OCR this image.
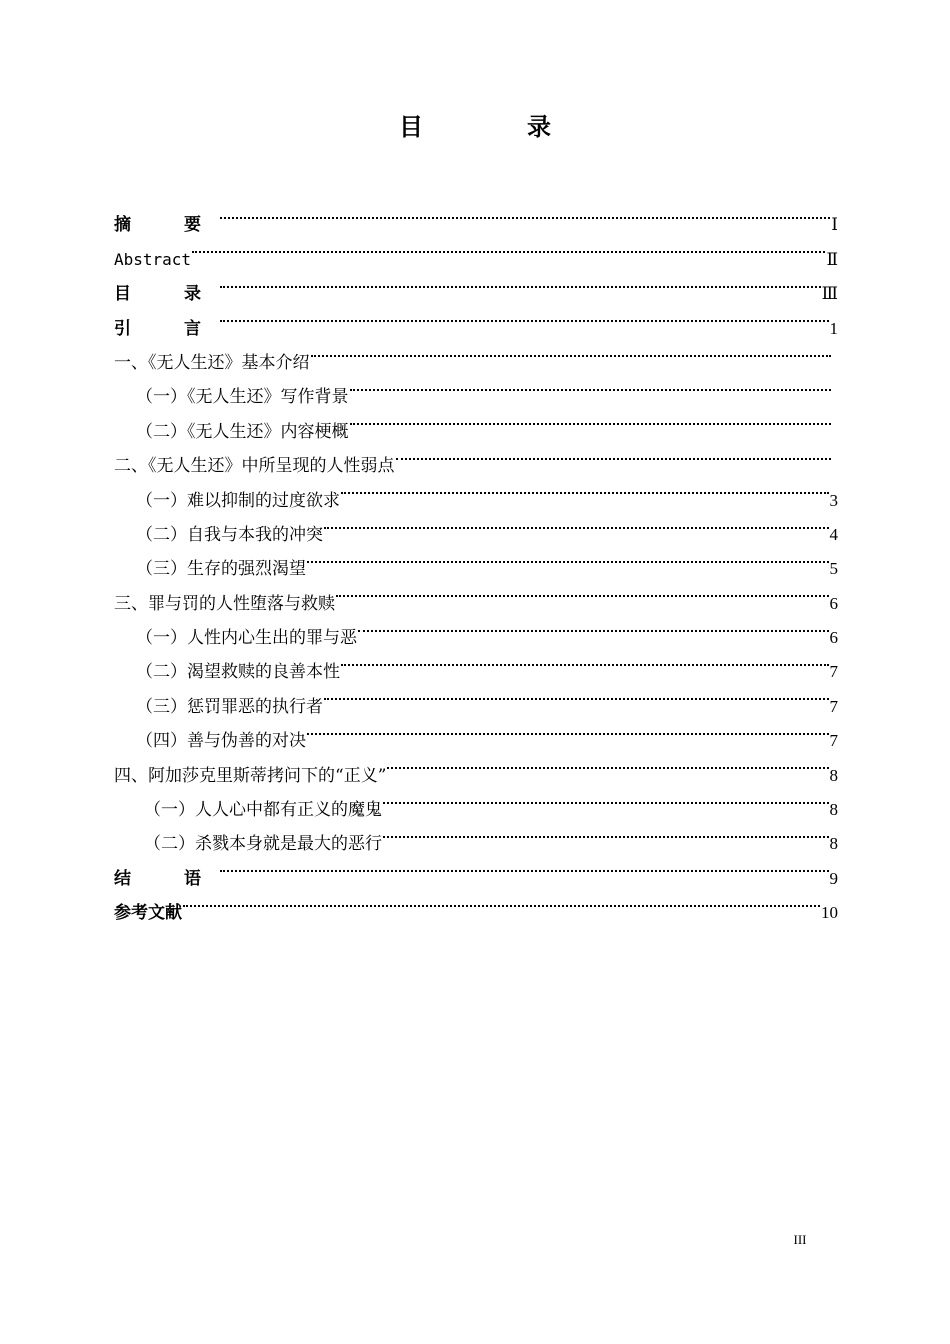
目　录
摘　要	Ⅰ
Abstract	Ⅱ
目　录	Ⅲ
引　言	1
一、《无人生还》基本介绍
（一）《无人生还》写作背景
（二）《无人生还》内容梗概
二、《无人生还》中所呈现的人性弱点
（一）难以抑制的过度欲求	3
（二）自我与本我的冲突	4
（三）生存的强烈渴望	5
三、罪与罚的人性堕落与救赎	6
（一）人性内心生出的罪与恶	6
（二）渴望救赎的良善本性	7
（三）惩罚罪恶的执行者	7
（四）善与伪善的对决	7
四、阿加莎克里斯蒂拷问下的“正义”	8
（一）人人心中都有正义的魔鬼	8
（二）杀戮本身就是最大的恶行	8
结　语	9
参考文献	10
III
